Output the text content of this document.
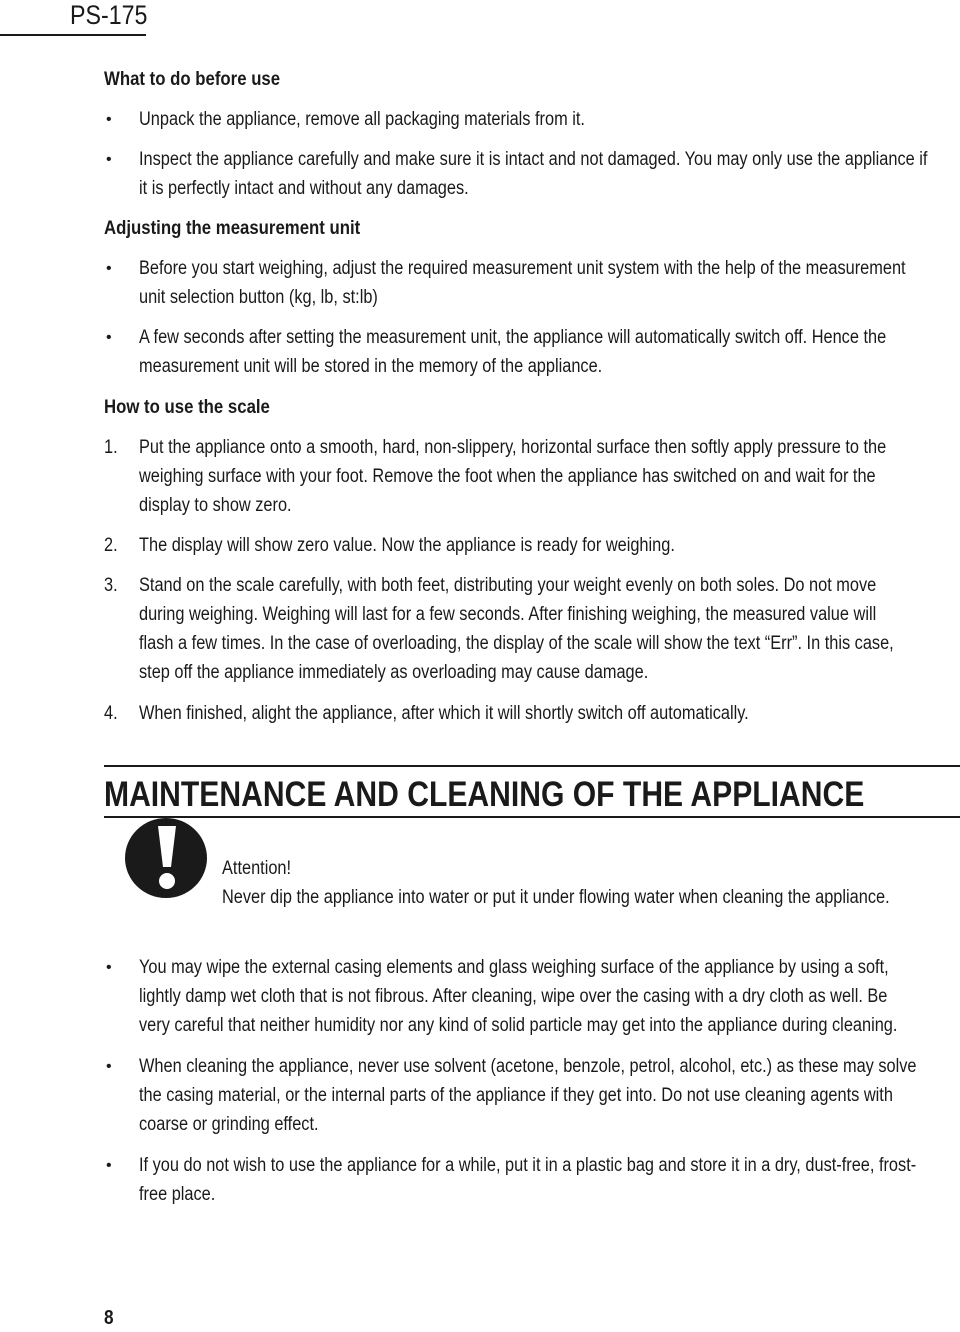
PS-175
What to do before use
• Unpack the appliance, remove all packaging materials from it.
• Inspect the appliance carefully and make sure it is intact and not damaged. You may only use the appliance if
it is perfectly intact and without any damages.
Adjusting the measurement unit
• Before you start weighing, adjust the required measurement unit system with the help of the measurement
unit selection button (kg, lb, st:lb)
• A few seconds after setting the measurement unit, the appliance will automatically switch off. Hence the
measurement unit will be stored in the memory of the appliance.
How to use the scale
1. Put the appliance onto a smooth, hard, non-slippery, horizontal surface then softly apply pressure to the
weighing surface with your foot. Remove the foot when the appliance has switched on and wait for the
display to show zero.
2. The display will show zero value. Now the appliance is ready for weighing.
3. Stand on the scale carefully, with both feet, distributing your weight evenly on both soles. Do not move
during weighing. Weighing will last for a few seconds. After finishing weighing, the measured value will
flash a few times. In the case of overloading, the display of the scale will show the text “Err”. In this case,
step off the appliance immediately as overloading may cause damage.
4. When finished, alight the appliance, after which it will shortly switch off automatically.
MAINTENANCE AND CLEANING OF THE APPLIANCE
Attention!
Never dip the appliance into water or put it under flowing water when cleaning the appliance.
• You may wipe the external casing elements and glass weighing surface of the appliance by using a soft,
lightly damp wet cloth that is not fibrous. After cleaning, wipe over the casing with a dry cloth as well. Be
very careful that neither humidity nor any kind of solid particle may get into the appliance during cleaning.
• When cleaning the appliance, never use solvent (acetone, benzole, petrol, alcohol, etc.) as these may solve
the casing material, or the internal parts of the appliance if they get into. Do not use cleaning agents with
coarse or grinding effect.
• If you do not wish to use the appliance for a while, put it in a plastic bag and store it in a dry, dust-free, frost-
free place.
8
